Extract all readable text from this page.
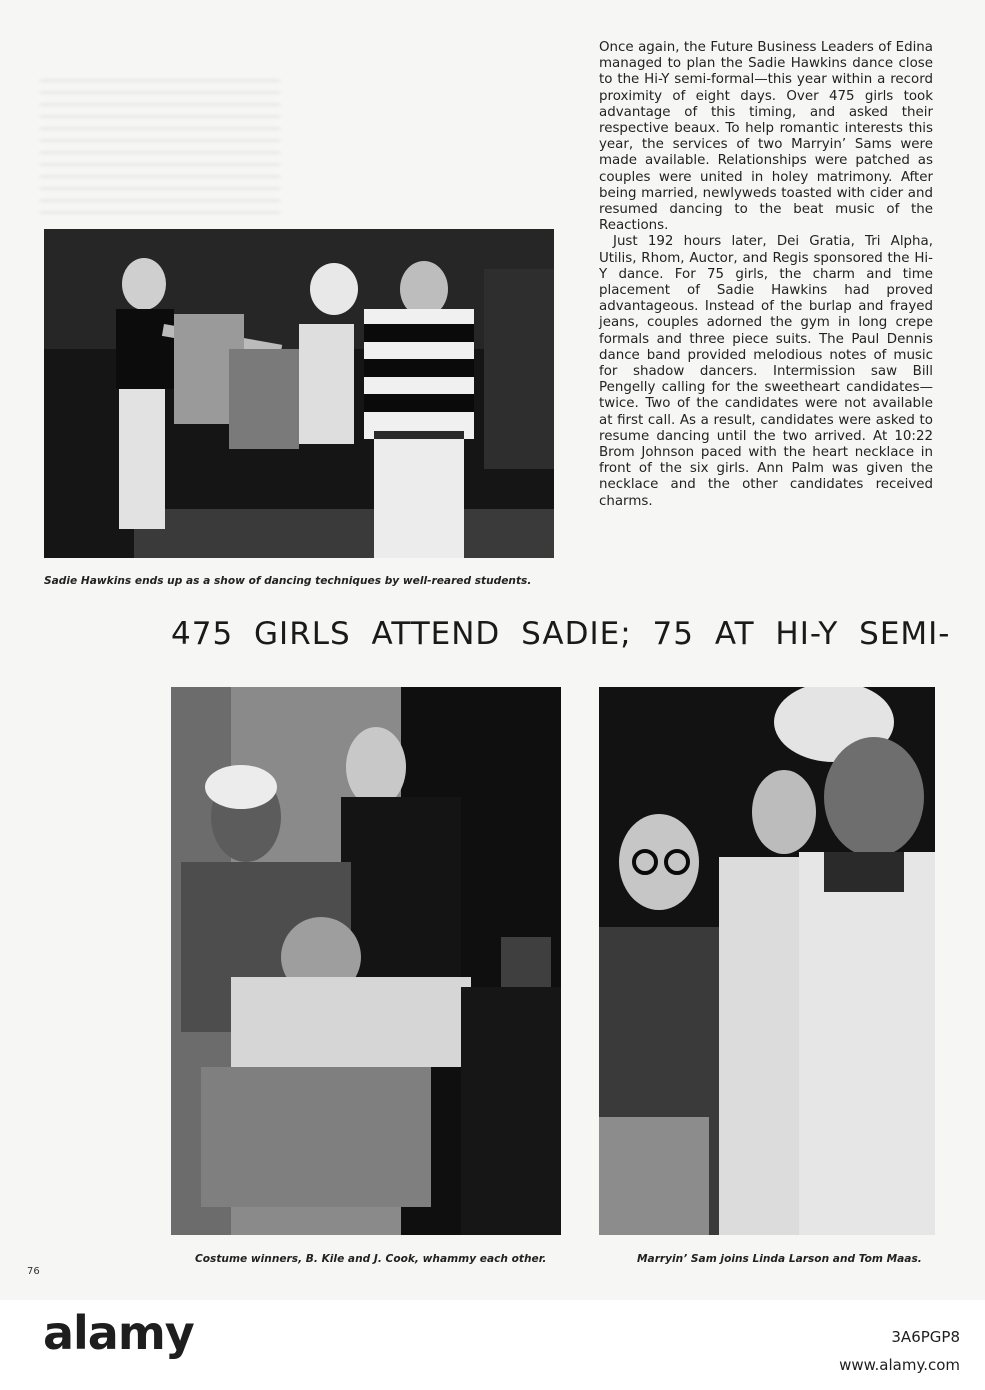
Once again, the Future Business Leaders of Edina managed to plan the Sadie Hawkins dance close to the Hi-Y semi-formal—this year within a record proximity of eight days. Over 475 girls took advantage of this timing, and asked their respective beaux. To help romantic interests this year, the services of two Marryin’ Sams were made available. Relationships were patched as couples were united in holey matrimony. After being married, newlyweds toasted with cider and resumed dancing to the beat music of the Reactions.

Just 192 hours later, Dei Gratia, Tri Alpha, Utilis, Rhom, Auctor, and Regis sponsored the Hi-Y dance. For 75 girls, the charm and time placement of Sadie Hawkins had proved advantageous. Instead of the burlap and frayed jeans, couples adorned the gym in long crepe formals and three piece suits. The Paul Dennis dance band provided melodious notes of music for shadow dancers. Intermission saw Bill Pengelly calling for the sweetheart candidates—twice. Two of the candidates were not available at first call. As a result, candidates were asked to resume dancing until the two arrived. At 10:22 Brom Johnson paced with the heart necklace in front of the six girls. Ann Palm was given the necklace and the other candidates received charms.

Sadie Hawkins ends up as a show of dancing techniques by well-reared students.
475 GIRLS ATTEND SADIE; 75 AT HI-Y SEMI-
Costume winners, B. Kile and J. Cook, whammy each other.	Marryin’ Sam joins Linda Larson and Tom Maas.
76
alamy	3A6PGP8
www.alamy.com
